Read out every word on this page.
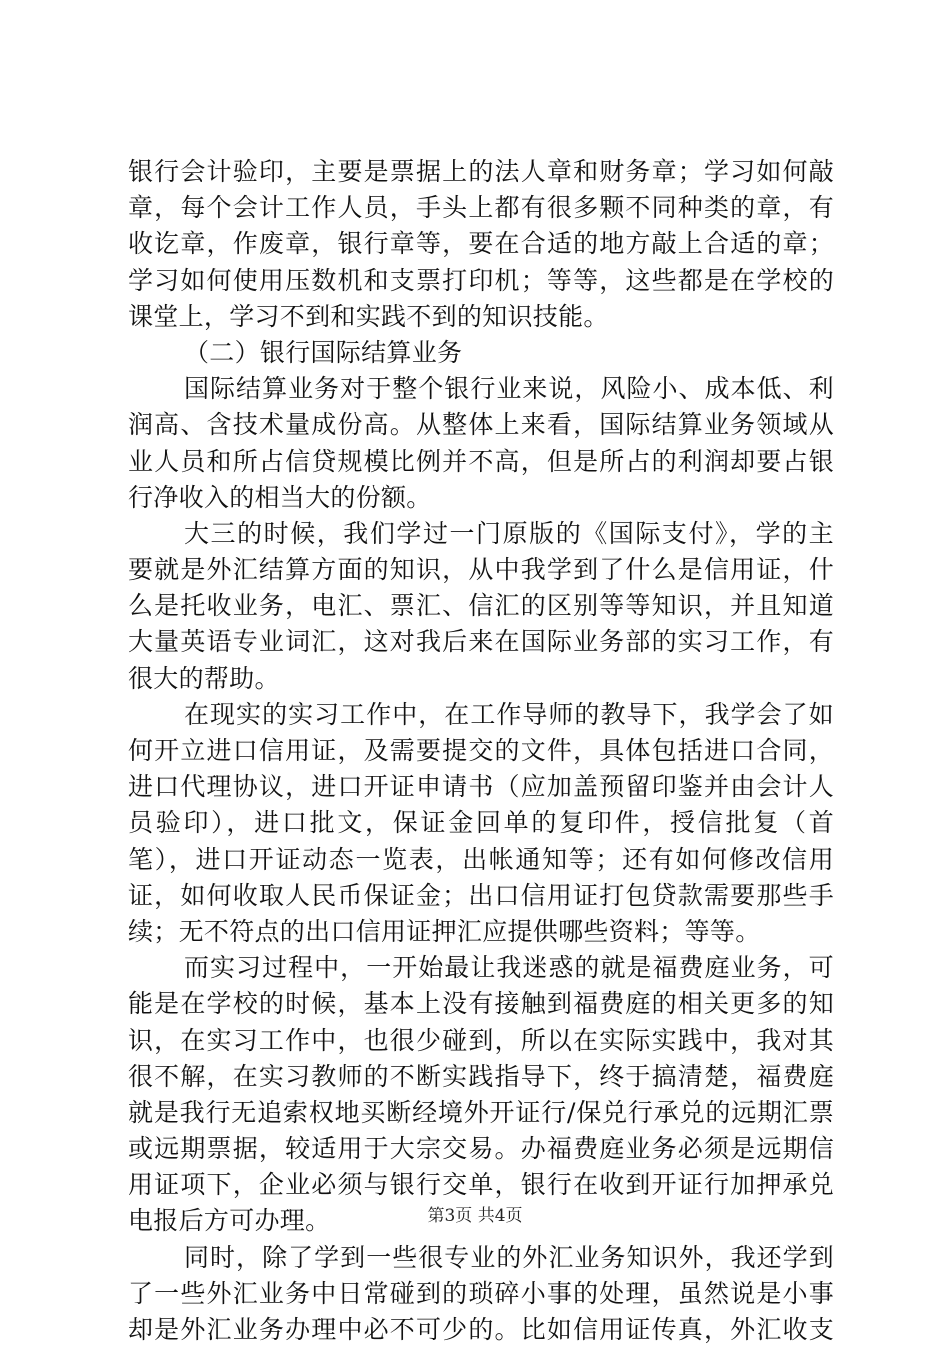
银行会计验印，主要是票据上的法人章和财务章；学习如何敲
章，每个会计工作人员，手头上都有很多颗不同种类的章，有
收讫章，作废章，银行章等，要在合适的地方敲上合适的章；
学习如何使用压数机和支票打印机；等等，这些都是在学校的
课堂上，学习不到和实践不到的知识技能。
（二）银行国际结算业务
国际结算业务对于整个银行业来说，风险小、成本低、利
润高、含技术量成份高。从整体上来看，国际结算业务领域从
业人员和所占信贷规模比例并不高，但是所占的利润却要占银
行净收入的相当大的份额。
大三的时候，我们学过一门原版的《国际支付》，学的主
要就是外汇结算方面的知识，从中我学到了什么是信用证，什
么是托收业务，电汇、票汇、信汇的区别等等知识，并且知道
大量英语专业词汇，这对我后来在国际业务部的实习工作，有
很大的帮助。
在现实的实习工作中，在工作导师的教导下，我学会了如
何开立进口信用证，及需要提交的文件，具体包括进口合同，
进口代理协议，进口开证申请书（应加盖预留印鉴并由会计人
员验印），进口批文，保证金回单的复印件，授信批复（首
笔），进口开证动态一览表，出帐通知等；还有如何修改信用
证，如何收取人民币保证金；出口信用证打包贷款需要那些手
续；无不符点的出口信用证押汇应提供哪些资料；等等。
而实习过程中，一开始最让我迷惑的就是福费庭业务，可
能是在学校的时候，基本上没有接触到福费庭的相关更多的知
识，在实习工作中，也很少碰到，所以在实际实践中，我对其
很不解，在实习教师的不断实践指导下，终于搞清楚，福费庭
就是我行无追索权地买断经境外开证行/保兑行承兑的远期汇票
或远期票据，较适用于大宗交易。办福费庭业务必须是远期信
用证项下，企业必须与银行交单，银行在收到开证行加押承兑
电报后方可办理。
同时，除了学到一些很专业的外汇业务知识外，我还学到
了一些外汇业务中日常碰到的琐碎小事的处理，虽然说是小事
却是外汇业务办理中必不可少的。比如信用证传真，外汇收支
第3页 共4页
